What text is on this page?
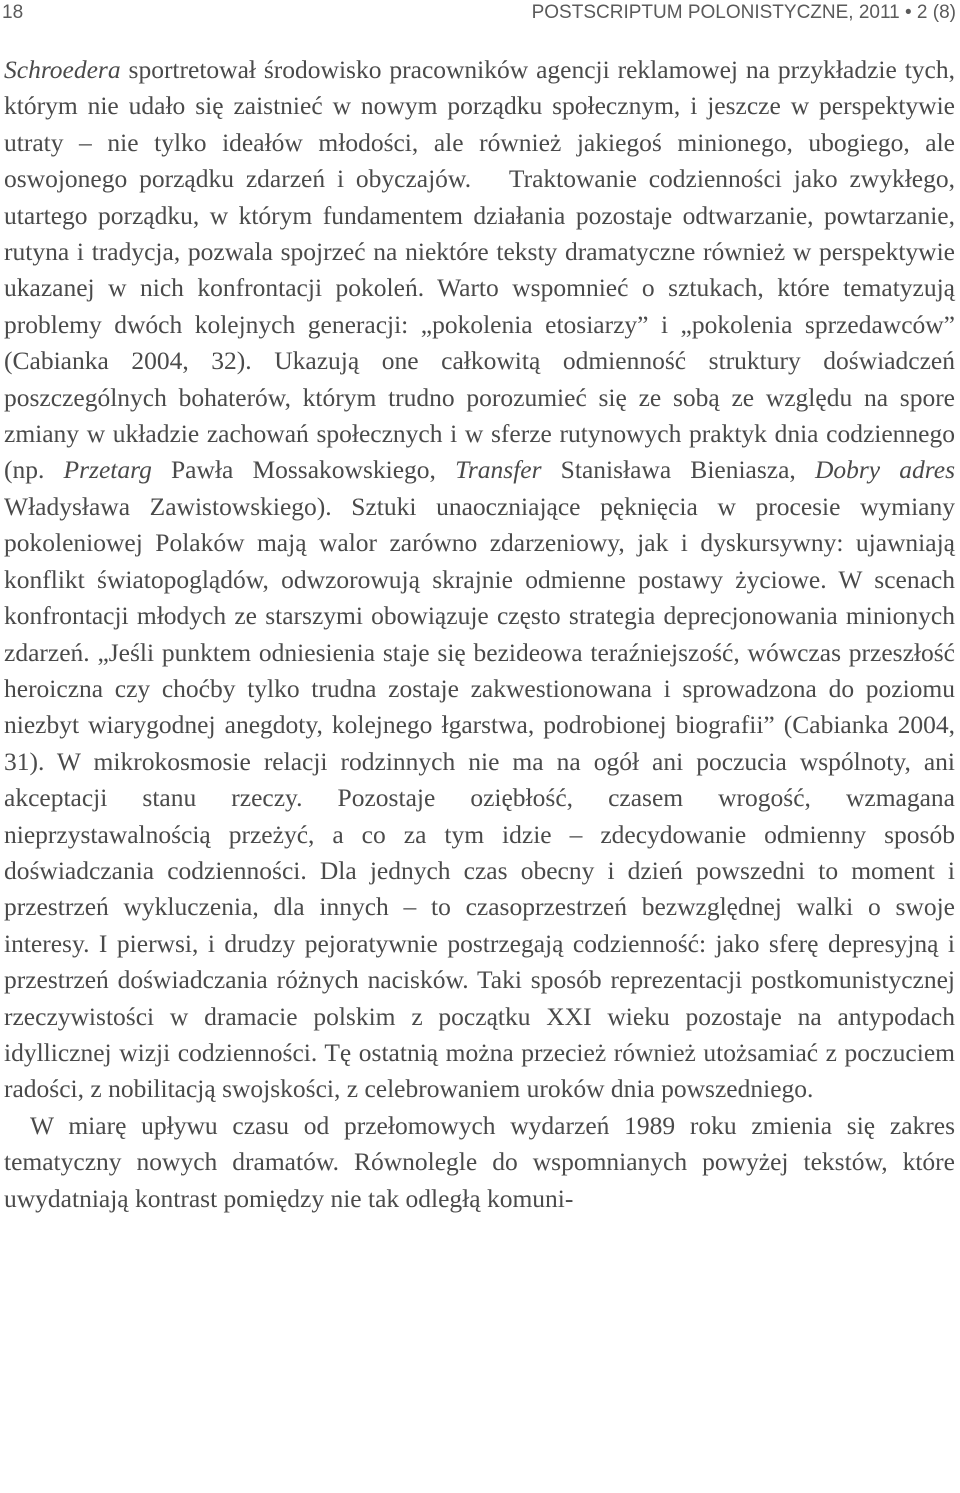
18	POSTSCRIPTUM POLONISTYCZNE, 2011 • 2 (8)

Schroedera sportretował środowisko pracowników agencji reklamowej na przykładzie tych, którym nie udało się zaistnieć w nowym porządku społecznym, i jeszcze w perspektywie utraty – nie tylko ideałów młodości, ale również jakiegoś minionego, ubogiego, ale oswojonego porządku zdarzeń i obyczajów. Traktowanie codzienności jako zwykłego, utartego porządku, w którym fundamentem działania pozostaje odtwarzanie, powtarzanie, rutyna i tradycja, pozwala spojrzeć na niektóre teksty dramatyczne również w perspektywie ukazanej w nich konfrontacji pokoleń. Warto wspomnieć o sztukach, które tematyzują problemy dwóch kolejnych generacji: „pokolenia etosiarzy” i „pokolenia sprzedawców” (Cabianka 2004, 32). Ukazują one całkowitą odmienność struktury doświadczeń poszczególnych bohaterów, którym trudno porozumieć się ze sobą ze względu na spore zmiany w układzie zachowań społecznych i w sferze rutynowych praktyk dnia codziennego (np. Przetarg Pawła Mossakowskiego, Transfer Stanisława Bieniasza, Dobry adres Władysława Zawistowskiego). Sztuki unaoczniające pęknięcia w procesie wymiany pokoleniowej Polaków mają walor zarówno zdarzeniowy, jak i dyskursywny: ujawniają konflikt światopoglądów, odwzorowują skrajnie odmienne postawy życiowe. W scenach konfrontacji młodych ze starszymi obowiązuje często strategia deprecjonowania minionych zdarzeń. „Jeśli punktem odniesienia staje się bezideowa teraźniejszość, wówczas przeszłość heroiczna czy choćby tylko trudna zostaje zakwestionowana i sprowadzona do poziomu niezbyt wiarygodnej anegdoty, kolejnego łgarstwa, podrobionej biografii” (Cabianka 2004, 31). W mikrokosmosie relacji rodzinnych nie ma na ogół ani poczucia wspólnoty, ani akceptacji stanu rzeczy. Pozostaje oziębłość, czasem wrogość, wzmagana nieprzystawalnością przeżyć, a co za tym idzie – zdecydowanie odmienny sposób doświadczania codzienności. Dla jednych czas obecny i dzień powszedni to moment i przestrzeń wykluczenia, dla innych – to czasoprzestrzeń bezwzględnej walki o swoje interesy. I pierwsi, i drudzy pejoratywnie postrzegają codzienność: jako sferę depresyjną i przestrzeń doświadczania różnych nacisków. Taki sposób reprezentacji postkomunistycznej rzeczywistości w dramacie polskim z początku XXI wieku pozostaje na antypodach idyllicznej wizji codzienności. Tę ostatnią można przecież również utożsamiać z poczuciem radości, z nobilitacją swojskości, z celebrowaniem uroków dnia powszedniego.

W miarę upływu czasu od przełomowych wydarzeń 1989 roku zmienia się zakres tematyczny nowych dramatów. Równolegle do wspomnianych powyżej tekstów, które uwydatniają kontrast pomiędzy nie tak odległą komuni-
